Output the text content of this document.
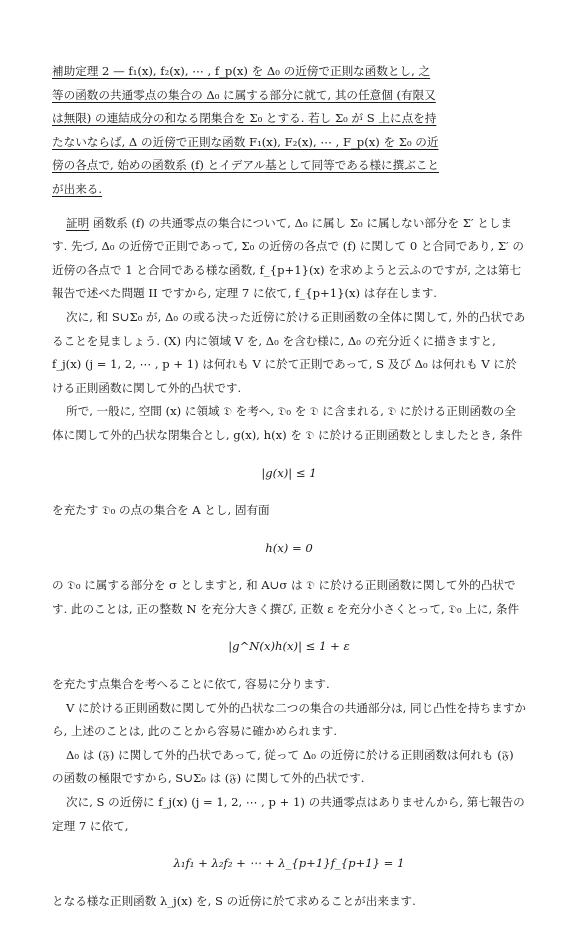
補助定理 2 — f₁(x), f₂(x), ⋯ , f_p(x) を Δ₀ の近傍で正則な函数とし, 之

等の函数の共通零点の集合の Δ₀ に属する部分に就て, 其の任意個 (有限又

は無限) の連結成分の和なる閉集合を Σ₀ とする. 若し Σ₀ が S 上に点を持

たないならば, Δ の近傍で正則な函数 F₁(x), F₂(x), ⋯ , F_p(x) を Σ₀ の近

傍の各点で, 始めの函数系 (f) とイデアル基として同等である様に撰ぶこと

が出来る.

証明 函数系 (f) の共通零点の集合について, Δ₀ に属し Σ₀ に属しない部分を Σ′ とします. 先づ, Δ₀ の近傍で正則であって, Σ₀ の近傍の各点で (f) に関して 0 と合同であり, Σ′ の近傍の各点で 1 と合同である様な函数, f_{p+1}(x) を求めようと云ふのですが, 之は第七報告で述べた問題 II ですから, 定理 7 に依て, f_{p+1}(x) は存在します.

次に, 和 S∪Σ₀ が, Δ₀ の或る決った近傍に於ける正則函数の全体に関して, 外的凸状であることを見ましょう. (X) 内に領域 V を, Δ₀ を含む様に, Δ₀ の充分近くに描きますと, f_j(x) (j = 1, 2, ⋯ , p + 1) は何れも V に於て正則であって, S 及び Δ₀ は何れも V に於ける正則函数に関して外的凸状です.

所で, 一般に, 空間 (x) に領域 𝔇 を考へ, 𝔇₀ を 𝔇 に含まれる, 𝔇 に於ける正則函数の全体に関して外的凸状な閉集合とし, g(x), h(x) を 𝔇 に於ける正則函数としましたとき, 条件

|g(x)| ≤ 1

を充たす 𝔇₀ の点の集合を A とし, 固有面

h(x) = 0

の 𝔇₀ に属する部分を σ としますと, 和 A∪σ は 𝔇 に於ける正則函数に関して外的凸状です. 此のことは, 正の整数 N を充分大きく撰び, 正数 ε を充分小さくとって, 𝔇₀ 上に, 条件

|g^N(x)h(x)| ≤ 1 + ε

を充たす点集合を考へることに依て, 容易に分ります.

V に於ける正則函数に関して外的凸状な二つの集合の共通部分は, 同じ凸性を持ちますから, 上述のことは, 此のことから容易に確かめられます.

Δ₀ は (𝔉) に関して外的凸状であって, 従って Δ₀ の近傍に於ける正則函数は何れも (𝔉) の函数の極限ですから, S∪Σ₀ は (𝔉) に関して外的凸状です.

次に, S の近傍に f_j(x) (j = 1, 2, ⋯ , p + 1) の共通零点はありませんから, 第七報告の定理 7 に依て,

λ₁f₁ + λ₂f₂ + ⋯ + λ_{p+1}f_{p+1} = 1

となる様な正則函数 λ_j(x) を, S の近傍に於て求めることが出来ます.
